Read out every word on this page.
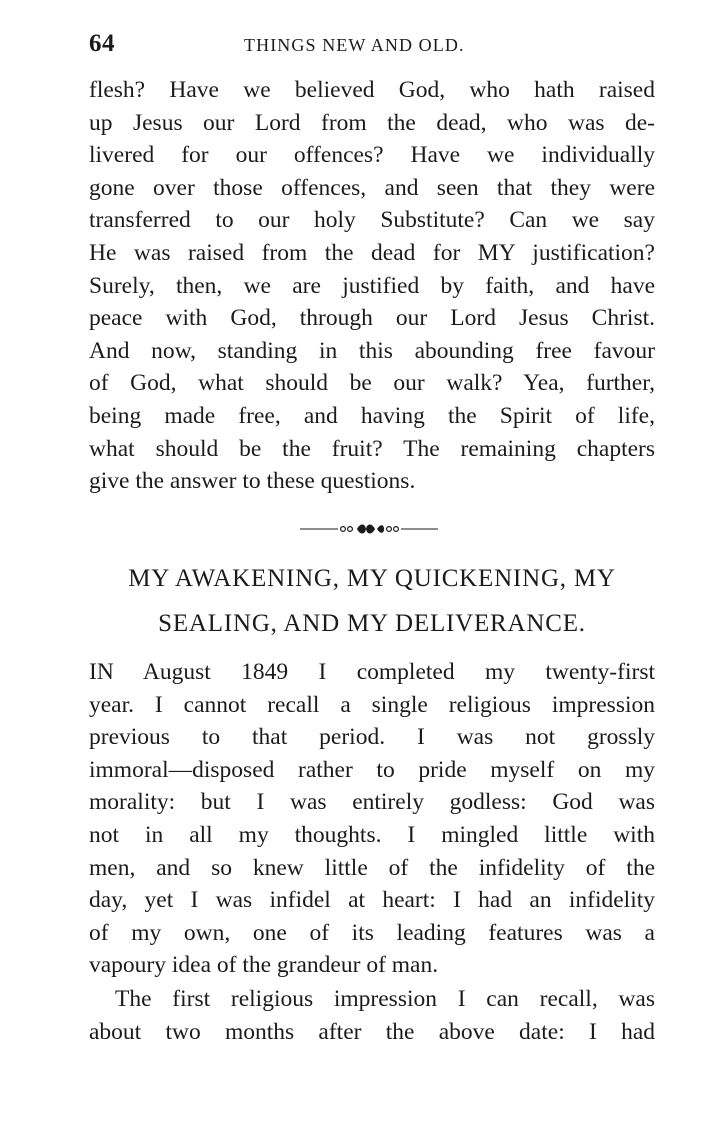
64	THINGS NEW AND OLD.
flesh? Have we believed God, who hath raised
up Jesus our Lord from the dead, who was de-
livered for our offences? Have we individually
gone over those offences, and seen that they were
transferred to our holy Substitute? Can we say
He was raised from the dead for MY justification?
Surely, then, we are justified by faith, and have
peace with God, through our Lord Jesus Christ.
And now, standing in this abounding free favour
of God, what should be our walk? Yea, further,
being made free, and having the Spirit of life,
what should be the fruit? The remaining chapters
give the answer to these questions.
MY AWAKENING, MY QUICKENING, MY
SEALING, AND MY DELIVERANCE.
IN August 1849 I completed my twenty-first
year. I cannot recall a single religious impression
previous to that period. I was not grossly
immoral—disposed rather to pride myself on my
morality: but I was entirely godless: God was
not in all my thoughts. I mingled little with
men, and so knew little of the infidelity of the
day, yet I was infidel at heart: I had an infidelity
of my own, one of its leading features was a
vapoury idea of the grandeur of man.
The first religious impression I can recall, was
about two months after the above date: I had
